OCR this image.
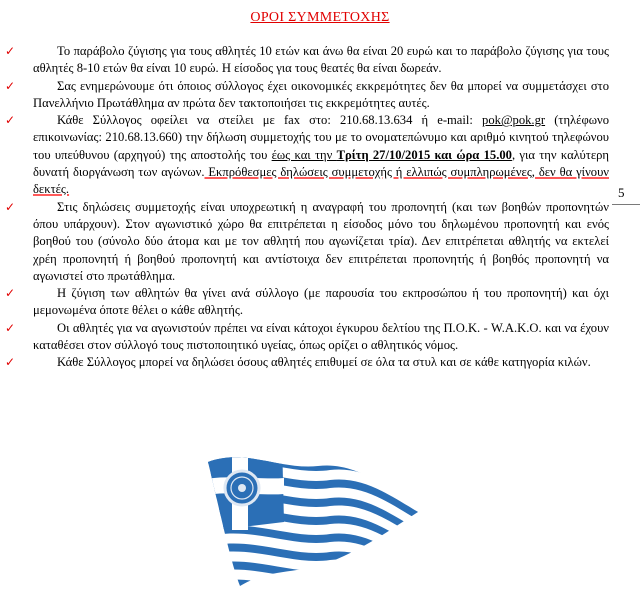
ΟΡΟΙ ΣΥΜΜΕΤΟΧΗΣ

✓	Το παράβολο ζύγισης για τους αθλητές 10 ετών και άνω θα είναι 20 ευρώ και το παράβολο ζύγισης για τους αθλητές 8-10 ετών θα είναι 10 ευρώ. Η είσοδος για τους θεατές θα είναι δωρεάν.

✓	Σας ενημερώνουμε ότι όποιος σύλλογος έχει οικονομικές εκκρεμότητες δεν θα μπορεί να συμμετάσχει στο Πανελλήνιο Πρωτάθλημα αν πρώτα δεν τακτοποιήσει τις εκκρεμότητες αυτές.

✓	Κάθε Σύλλογος οφείλει να στείλει με fax στο: 210.68.13.634 ή e-mail: pok@pok.gr (τηλέφωνο επικοινωνίας: 210.68.13.660) την δήλωση συμμετοχής του με το ονοματεπώνυμο και αριθμό κινητού τηλεφώνου του υπεύθυνου (αρχηγού) της αποστολής του έως και την Τρίτη 27/10/2015 και ώρα 15.00, για την καλύτερη δυνατή διοργάνωση των αγώνων. Εκπρόθεσμες δηλώσεις συμμετοχής ή ελλιπώς συμπληρωμένες, δεν θα γίνουν δεκτές.

✓	Στις δηλώσεις συμμετοχής είναι υποχρεωτική η αναγραφή του προπονητή (και των βοηθών προπονητών όπου υπάρχουν). Στον αγωνιστικό χώρο θα επιτρέπεται η είσοδος μόνο του δηλωμένου προπονητή και ενός βοηθού του (σύνολο δύο άτομα και με τον αθλητή που αγωνίζεται τρία). Δεν επιτρέπεται αθλητής να εκτελεί χρέη προπονητή ή βοηθού προπονητή και αντίστοιχα δεν επιτρέπεται προπονητής ή βοηθός προπονητή να αγωνιστεί στο πρωτάθλημα.

✓	Η ζύγιση των αθλητών θα γίνει ανά σύλλογο (με παρουσία του εκπροσώπου ή του προπονητή) και όχι μεμονωμένα όποτε θέλει ο κάθε αθλητής.

✓	Οι αθλητές για να αγωνιστούν πρέπει να είναι κάτοχοι έγκυρου δελτίου της Π.Ο.Κ. - W.A.K.O. και να έχουν καταθέσει στον σύλλογό τους πιστοποιητικό υγείας, όπως ορίζει ο αθλητικός νόμος.

✓	Κάθε Σύλλογος μπορεί να δηλώσει όσους αθλητές επιθυμεί σε όλα τα στυλ και σε κάθε κατηγορία κιλών.

5
